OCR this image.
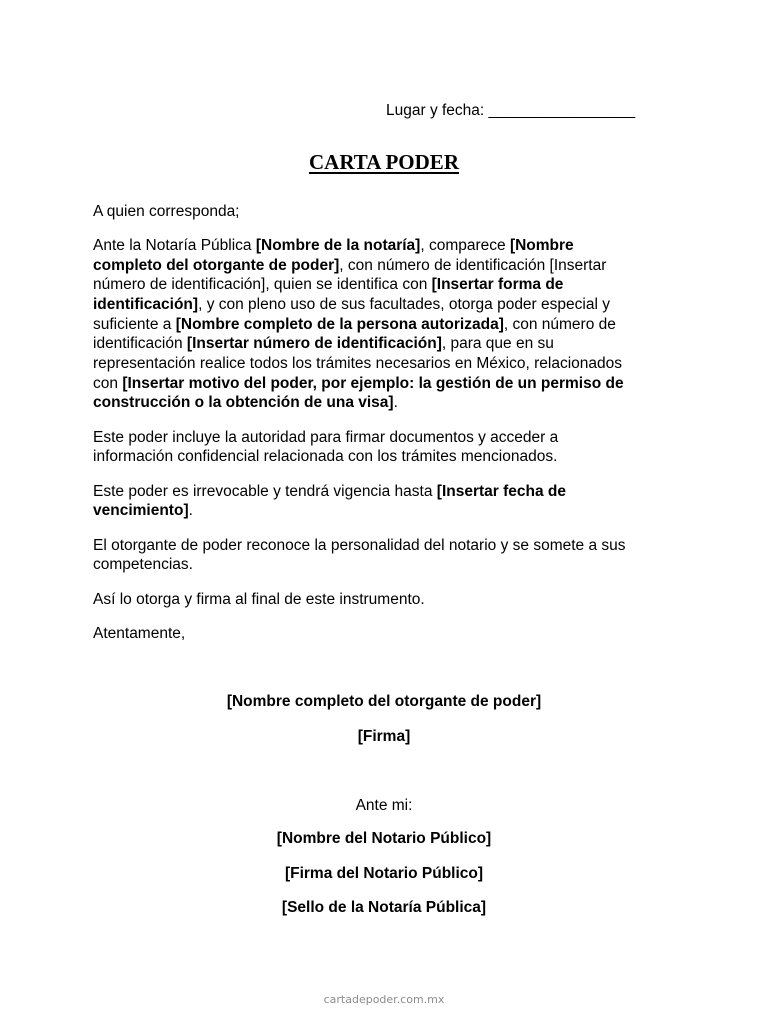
Lugar y fecha: _________________
CARTA PODER
A quien corresponda;
Ante la Notaría Pública [Nombre de la notaría], comparece [Nombre
completo del otorgante de poder], con número de identificación [Insertar
número de identificación], quien se identifica con [Insertar forma de
identificación], y con pleno uso de sus facultades, otorga poder especial y
suficiente a [Nombre completo de la persona autorizada], con número de
identificación [Insertar número de identificación], para que en su
representación realice todos los trámites necesarios en México, relacionados
con [Insertar motivo del poder, por ejemplo: la gestión de un permiso de
construcción o la obtención de una visa].
Este poder incluye la autoridad para firmar documentos y acceder a
información confidencial relacionada con los trámites mencionados.
Este poder es irrevocable y tendrá vigencia hasta [Insertar fecha de
vencimiento].
El otorgante de poder reconoce la personalidad del notario y se somete a sus
competencias.
Así lo otorga y firma al final de este instrumento.
Atentamente,
[Nombre completo del otorgante de poder]
[Firma]
Ante mi:
[Nombre del Notario Público]
[Firma del Notario Público]
[Sello de la Notaría Pública]
cartadepoder.com.mx
